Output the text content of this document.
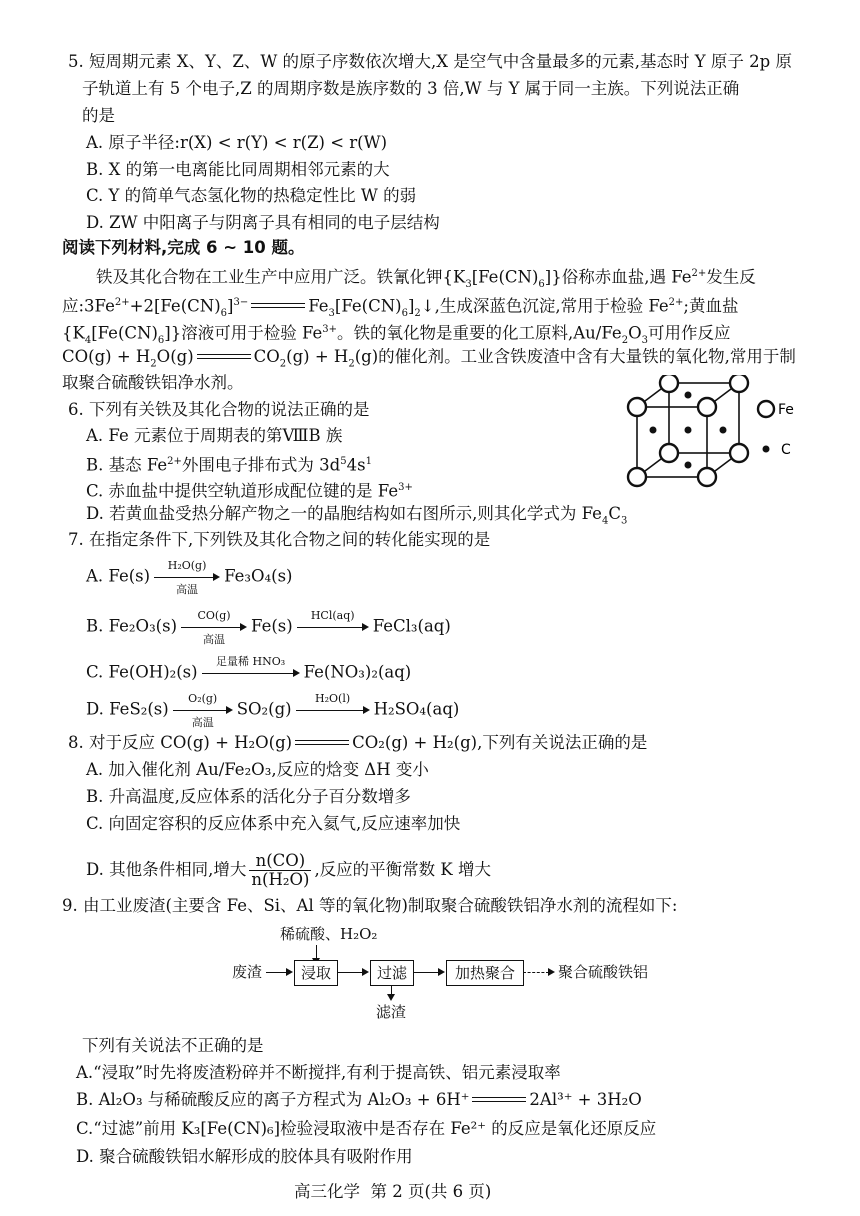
5. 短周期元素 X、Y、Z、W 的原子序数依次增大,X 是空气中含量最多的元素,基态时 Y 原子 2p 原
子轨道上有 5 个电子,Z 的周期序数是族序数的 3 倍,W 与 Y 属于同一主族。下列说法正确
的是
A. 原子半径:r(X) < r(Y) < r(Z) < r(W)
B. X 的第一电离能比同周期相邻元素的大
C. Y 的简单气态氢化物的热稳定性比 W 的弱
D. ZW 中阳离子与阴离子具有相同的电子层结构
阅读下列材料,完成 6 ~ 10 题。
铁及其化合物在工业生产中应用广泛。铁氰化钾$\{K_3[Fe(CN)_6]\}$俗称赤血盐,遇 $Fe^{2+}$发生反
应$:3Fe^{2+}+2[Fe(CN)_6]^{3-}$	$Fe_3[Fe(CN)_6]_2↓$,生成深蓝色沉淀,常用于检验 $Fe^{2+}$;黄血盐
$\{K_4[Fe(CN)_6]\}$溶液可用于检验 $Fe^{3+}$。铁的氧化物是重要的化工原料$,Au/Fe_2O_3$可用作反应
$CO(g) + H_2O(g)$	$CO_2(g) + H_2(g)$的催化剂。工业含铁废渣中含有大量铁的氧化物,常用于制
取聚合硫酸铁铝净水剂。
6. 下列有关铁及其化合物的说法正确的是
A. Fe 元素位于周期表的第ⅧB 族
B. 基态 $Fe^{2+}$外围电子排布式为 $3d^54s^1$
C. 赤血盐中提供空轨道形成配位键的是 $Fe^{3+}$
D. 若黄血盐受热分解产物之一的晶胞结构如右图所示,则其化学式为 $Fe_4C_3$
Fe
C
7. 在指定条件下,下列铁及其化合物之间的转化能实现的是
A. Fe(s)
H₂O(g)
高温
Fe₃O₄(s)
B. Fe₂O₃(s)
CO(g)
高温
Fe(s)
HCl(aq)
FeCl₃(aq)
C. Fe(OH)₂(s)
足量稀 HNO₃
Fe(NO₃)₂(aq)
D. FeS₂(s)
O₂(g)
高温
SO₂(g)
H₂O(l)
H₂SO₄(aq)
8. 对于反应 CO(g) + H₂O(g)	CO₂(g) + H₂(g),下列有关说法正确的是
A. 加入催化剂 Au/Fe₂O₃,反应的焓变 ΔH 变小
B. 升高温度,反应体系的活化分子百分数增多
C. 向固定容积的反应体系中充入氦气,反应速率加快
D. 其他条件相同,增大 $\frac{n(CO)}{\text{n(H₂O)}}$ ,反应的平衡常数 K 增大
9. 由工业废渣(主要含 Fe、Si、Al 等的氧化物)制取聚合硫酸铁铝净水剂的流程如下:
稀硫酸、H₂O₂
废渣	浸取	过滤
滤渣
加热聚合	聚合硫酸铁铝
下列有关说法不正确的是
A.“浸取”时先将废渣粉碎并不断搅拌,有利于提高铁、铝元素浸取率
B. Al₂O₃ 与稀硫酸反应的离子方程式为 Al₂O₃ + 6H⁺	2Al³⁺ + 3H₂O
C.“过滤”前用 K₃[Fe(CN)₆]检验浸取液中是否存在 Fe²⁺ 的反应是氧化还原反应
D. 聚合硫酸铁铝水解形成的胶体具有吸附作用
高三化学  第 2 页(共 6 页)
